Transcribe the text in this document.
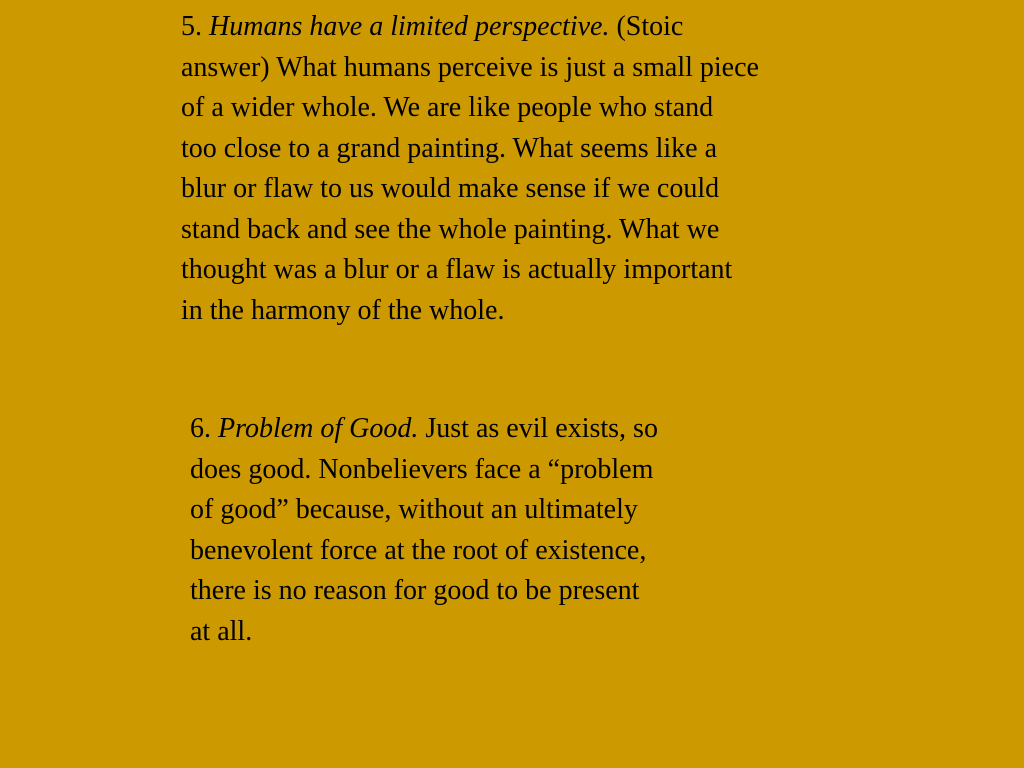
5. Humans have a limited perspective. (Stoic
answer) What humans perceive is just a small piece
of a wider whole. We are like people who stand
too close to a grand painting. What seems like a
blur or flaw to us would make sense if we could
stand back and see the whole painting. What we
thought was a blur or a flaw is actually important
in the harmony of the whole.
6. Problem of Good. Just as evil exists, so
does good. Nonbelievers face a “problem
of good” because, without an ultimately
benevolent force at the root of existence,
there is no reason for good to be present
at all.
